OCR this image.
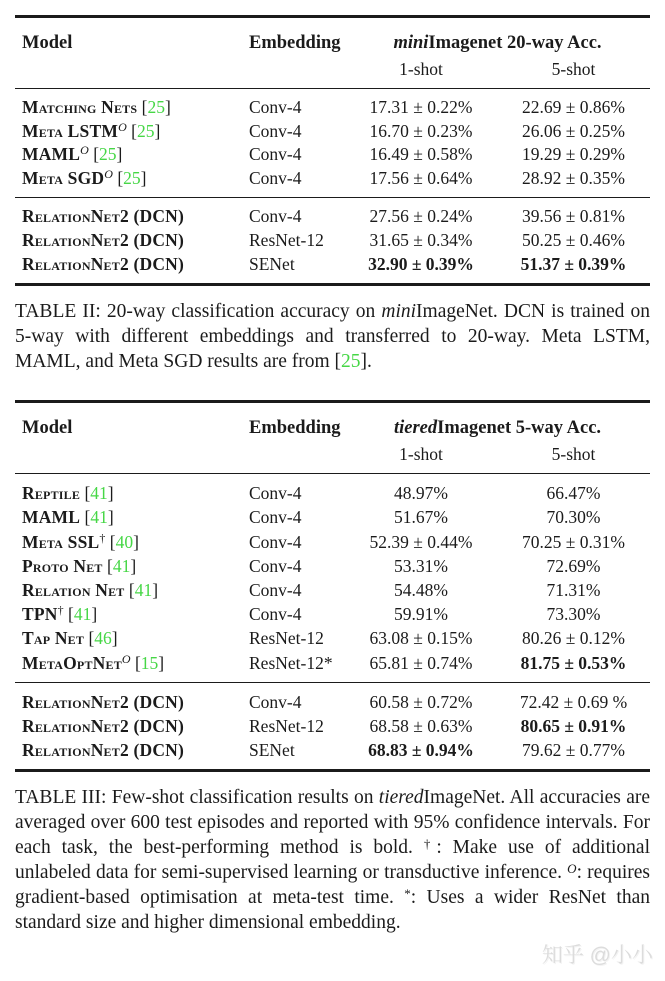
Model	Embedding	miniImagenet 20-way Acc.	
		1-shot	5-shot
Matching Nets [25]	Conv-4	17.31 ± 0.22%	22.69 ± 0.86%
Meta $LSTM^O$ [25]	Conv-4	16.70 ± 0.23%	26.06 ± 0.25%
$MAML^O$ [25]	Conv-4	16.49 ± 0.58%	19.29 ± 0.29%
Meta $SGD^O$ [25]	Conv-4	17.56 ± 0.64%	28.92 ± 0.35%
RelationNet2 (DCN)	Conv-4	27.56 ± 0.24%	39.56 ± 0.81%
RelationNet2 (DCN)	ResNet-12	31.65 ± 0.34%	50.25 ± 0.46%
RelationNet2 (DCN)	SENet	32.90 ± 0.39%	51.37 ± 0.39%

TABLE II: 20-way classification accuracy on miniImageNet. DCN is trained on 5-way with different embeddings and transferred to 20-way. Meta LSTM, MAML, and Meta SGD results are from [25].

Model	Embedding	tieredImagenet 5-way Acc.	
		1-shot	5-shot
Reptile [41]	Conv-4	48.97%	66.47%
MAML [41]	Conv-4	51.67%	70.30%
Meta SSL† [40]	Conv-4	52.39 ± 0.44%	70.25 ± 0.31%
Proto Net [41]	Conv-4	53.31%	72.69%
Relation Net [41]	Conv-4	54.48%	71.31%
TPN† [41]	Conv-4	59.91%	73.30%
Tap Net [46]	ResNet-12	63.08 ± 0.15%	80.26 ± 0.12%
MetaOptNet$^O$ [15]	ResNet-12*	65.81 ± 0.74%	81.75 ± 0.53%
RelationNet2 (DCN)	Conv-4	60.58 ± 0.72%	72.42 ± 0.69 %
RelationNet2 (DCN)	ResNet-12	68.58 ± 0.63%	80.65 ± 0.91%
RelationNet2 (DCN)	SENet	68.83 ± 0.94%	79.62 ± 0.77%

TABLE III: Few-shot classification results on tieredImageNet. All accuracies are averaged over 600 test episodes and reported with 95% confidence intervals. For each task, the best-performing method is bold. †: Make use of additional unlabeled data for semi-supervised learning or transductive inference. $^O$: requires gradient-based optimisation at meta-test time. *: Uses a wider ResNet than standard size and higher dimensional embedding.

知乎 @小小
